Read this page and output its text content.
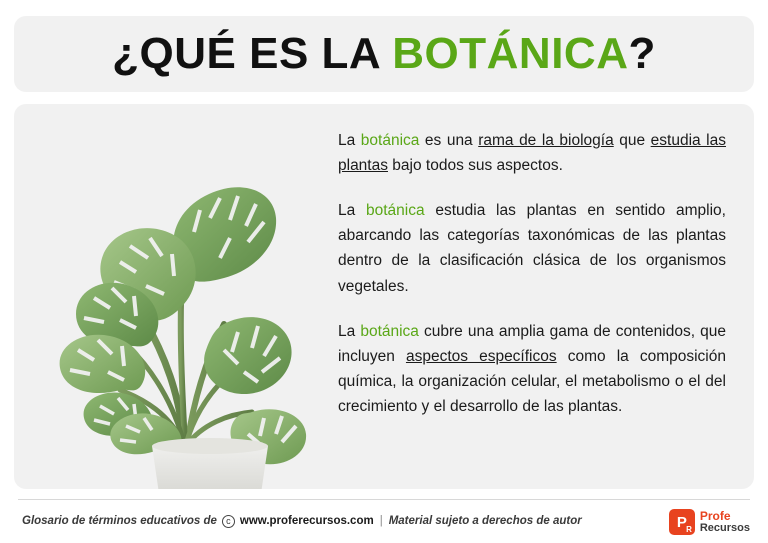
¿QUÉ ES LA BOTÁNICA?

La botánica es una rama de la biología que estudia las plantas bajo todos sus aspectos.

La botánica estudia las plantas en sentido amplio, abarcando las categorías taxonómicas de las plantas dentro de la clasificación clásica de los organismos vegetales.

La botánica cubre una amplia gama de contenidos, que incluyen aspectos específicos como la composición química, la organización celular, el metabolismo o el del crecimiento y el desarrollo de las plantas.

Glosario de términos educativos de	c www.proferecursos.com | Material sujeto a derechos de autor	P R
Profe
Recursos
